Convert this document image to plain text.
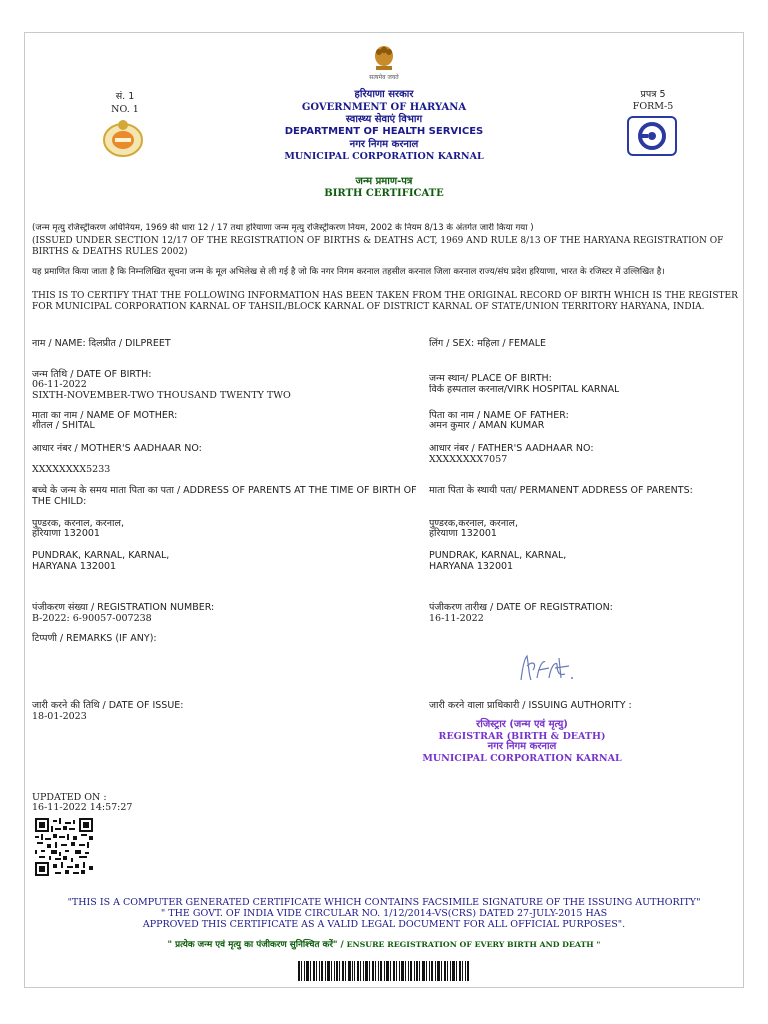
सत्यमेव जयते
सं. 1
NO. 1
हरियाणा सरकार
GOVERNMENT OF HARYANA
स्वास्थ्य सेवाएं विभाग
DEPARTMENT OF HEALTH SERVICES
नगर निगम करनाल
MUNICIPAL CORPORATION KARNAL
प्रपत्र 5
FORM-5
जन्म प्रमाण-पत्र
BIRTH CERTIFICATE
(जन्म मृत्यु रजिस्ट्रीकरण अधिनियम, 1969 की धारा 12 / 17 तथा हरियाणा जन्म मृत्यु रजिस्ट्रीकरण नियम, 2002 के नियम 8/13 के अंतर्गत जारी किया गया )
(ISSUED UNDER SECTION 12/17 OF THE REGISTRATION OF BIRTHS & DEATHS ACT, 1969 AND RULE 8/13 OF THE HARYANA REGISTRATION OF BIRTHS & DEATHS RULES 2002)
यह प्रमाणित किया जाता है कि निम्नलिखित सूचना जन्म के मूल अभिलेख से ली गई है जो कि नगर निगम करनाल तहसील करनाल जिला करनाल राज्य/संघ प्रदेश हरियाणा, भारत के रजिस्टर में उल्लिखित है।
THIS IS TO CERTIFY THAT THE FOLLOWING INFORMATION HAS BEEN TAKEN FROM THE ORIGINAL RECORD OF BIRTH WHICH IS THE REGISTER FOR MUNICIPAL CORPORATION KARNAL OF TAHSIL/BLOCK KARNAL OF DISTRICT KARNAL OF STATE/UNION TERRITORY HARYANA, INDIA.
नाम / NAME: दिलप्रीत / DILPREET
जन्म तिथि / DATE OF BIRTH:
06-11-2022
SIXTH-NOVEMBER-TWO THOUSAND TWENTY TWO
माता का नाम / NAME OF MOTHER:
शीतल / SHITAL
आधार नंबर / MOTHER'S AADHAAR NO:
XXXXXXXX5233
बच्चे के जन्म के समय माता पिता का पता / ADDRESS OF PARENTS AT THE TIME OF BIRTH OF THE CHILD:
पुण्डरक, करनाल, करनाल,
हरियाणा 132001
PUNDRAK, KARNAL, KARNAL,
HARYANA 132001
पंजीकरण संख्या / REGISTRATION NUMBER:
B-2022: 6-90057-007238
टिप्पणी / REMARKS (IF ANY):
जारी करने की तिथि / DATE OF ISSUE:
18-01-2023
लिंग / SEX: महिला / FEMALE
जन्म स्थान/ PLACE OF BIRTH:
विर्क हस्पताल करनाल/VIRK HOSPITAL KARNAL
पिता का नाम / NAME OF FATHER:
अमन कुमार / AMAN KUMAR
आधार नंबर / FATHER'S AADHAAR NO:
XXXXXXXX7057
माता पिता के स्थायी पता/ PERMANENT ADDRESS OF PARENTS:
पुण्डरक,करनाल, करनाल,
हरियाणा 132001
PUNDRAK, KARNAL, KARNAL,
HARYANA 132001
पंजीकरण तारीख / DATE OF REGISTRATION:
16-11-2022
जारी करने वाला प्राधिकारी / ISSUING AUTHORITY :
रजिस्ट्रार (जन्म एवं मृत्यु)
REGISTRAR (BIRTH & DEATH)
नगर निगम करनाल
MUNICIPAL CORPORATION KARNAL
UPDATED ON :
16-11-2022 14:57:27
"THIS IS A COMPUTER GENERATED CERTIFICATE WHICH CONTAINS FACSIMILE SIGNATURE OF THE ISSUING AUTHORITY"
" THE GOVT. OF INDIA VIDE CIRCULAR NO. 1/12/2014-VS(CRS) DATED 27-JULY-2015 HAS
APPROVED THIS CERTIFICATE AS A VALID LEGAL DOCUMENT FOR ALL OFFICIAL PURPOSES".
" प्रत्येक जन्म एवं मृत्यु का पंजीकरण सुनिश्चित करें" / ENSURE REGISTRATION OF EVERY BIRTH AND DEATH "
